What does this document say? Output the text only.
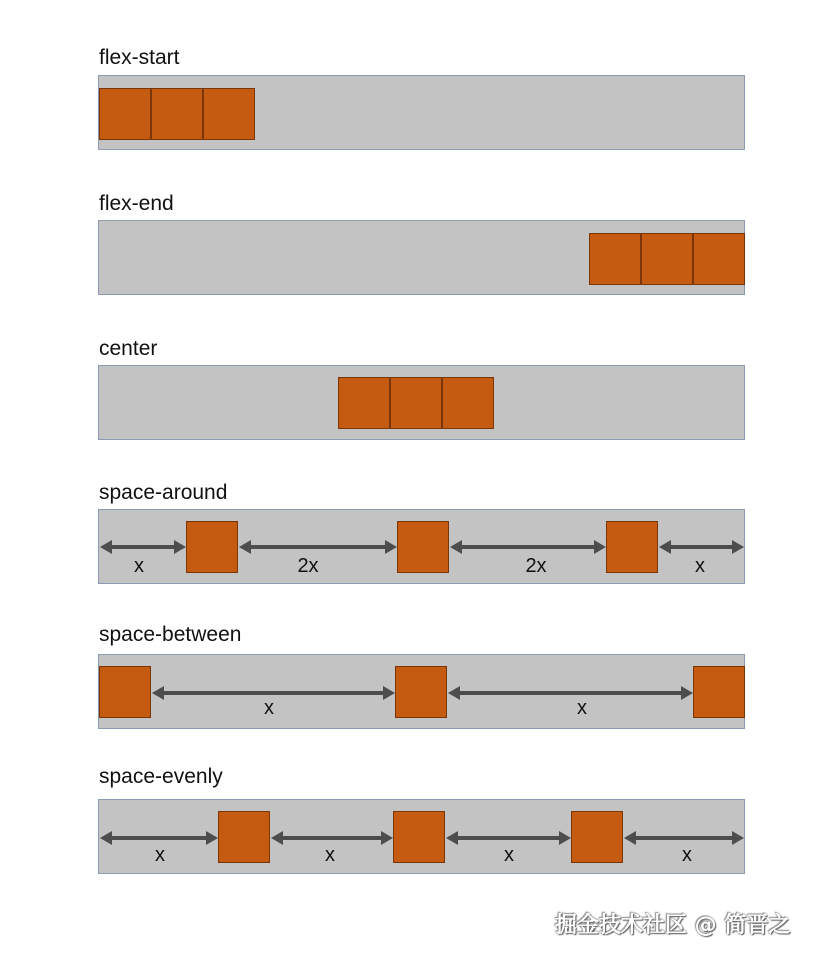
flex-start
flex-end
center
space-around
x	2x	2x	x
space-between
x	x
space-evenly
x	x	x	x
掘金技术社区 @ 简晋之
